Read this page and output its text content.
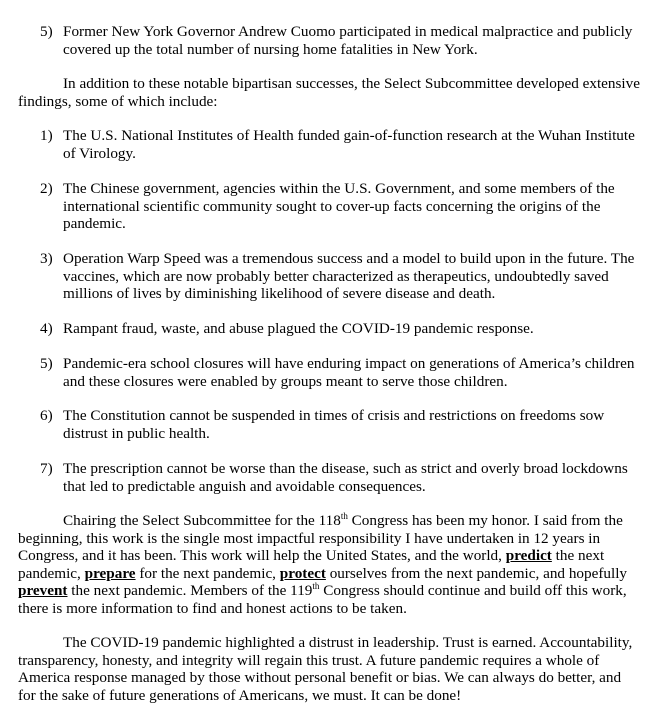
5) Former New York Governor Andrew Cuomo participated in medical malpractice and publicly covered up the total number of nursing home fatalities in New York.
In addition to these notable bipartisan successes, the Select Subcommittee developed extensive findings, some of which include:
1) The U.S. National Institutes of Health funded gain-of-function research at the Wuhan Institute of Virology.
2) The Chinese government, agencies within the U.S. Government, and some members of the international scientific community sought to cover-up facts concerning the origins of the pandemic.
3) Operation Warp Speed was a tremendous success and a model to build upon in the future. The vaccines, which are now probably better characterized as therapeutics, undoubtedly saved millions of lives by diminishing likelihood of severe disease and death.
4) Rampant fraud, waste, and abuse plagued the COVID-19 pandemic response.
5) Pandemic-era school closures will have enduring impact on generations of America’s children and these closures were enabled by groups meant to serve those children.
6) The Constitution cannot be suspended in times of crisis and restrictions on freedoms sow distrust in public health.
7) The prescription cannot be worse than the disease, such as strict and overly broad lockdowns that led to predictable anguish and avoidable consequences.
Chairing the Select Subcommittee for the 118th Congress has been my honor. I said from the beginning, this work is the single most impactful responsibility I have undertaken in 12 years in Congress, and it has been. This work will help the United States, and the world, predict the next pandemic, prepare for the next pandemic, protect ourselves from the next pandemic, and hopefully prevent the next pandemic. Members of the 119th Congress should continue and build off this work, there is more information to find and honest actions to be taken.
The COVID-19 pandemic highlighted a distrust in leadership. Trust is earned. Accountability, transparency, honesty, and integrity will regain this trust. A future pandemic requires a whole of America response managed by those without personal benefit or bias. We can always do better, and for the sake of future generations of Americans, we must. It can be done!
